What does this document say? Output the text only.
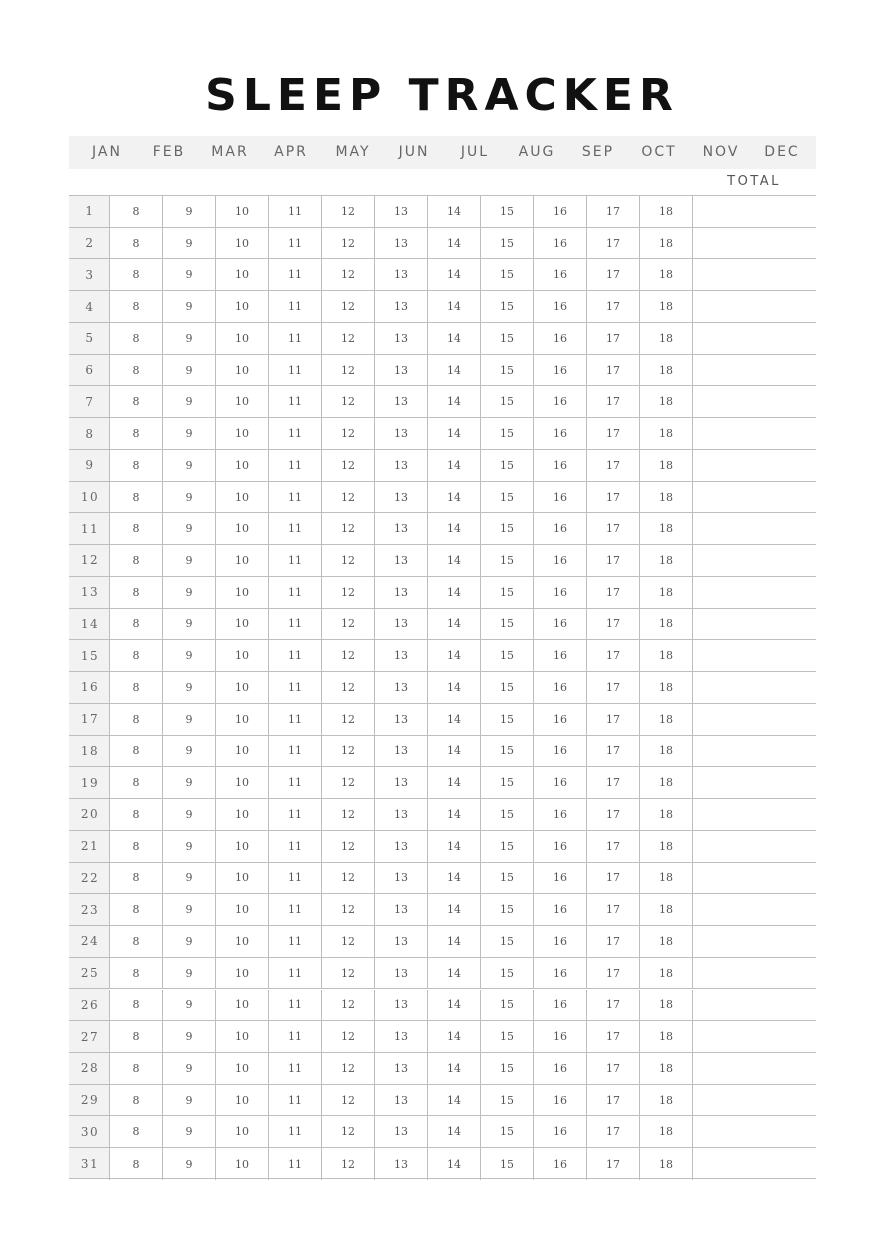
SLEEP TRACKER
JAN	FEB	MAR	APR	MAY	JUN	JUL	AUG	SEP	OCT	NOV	DEC
TOTAL
1	8	9	10	11	12	13	14	15	16	17	18
2	8	9	10	11	12	13	14	15	16	17	18
3	8	9	10	11	12	13	14	15	16	17	18
4	8	9	10	11	12	13	14	15	16	17	18
5	8	9	10	11	12	13	14	15	16	17	18
6	8	9	10	11	12	13	14	15	16	17	18
7	8	9	10	11	12	13	14	15	16	17	18
8	8	9	10	11	12	13	14	15	16	17	18
9	8	9	10	11	12	13	14	15	16	17	18
10	8	9	10	11	12	13	14	15	16	17	18
11	8	9	10	11	12	13	14	15	16	17	18
12	8	9	10	11	12	13	14	15	16	17	18
13	8	9	10	11	12	13	14	15	16	17	18
14	8	9	10	11	12	13	14	15	16	17	18
15	8	9	10	11	12	13	14	15	16	17	18
16	8	9	10	11	12	13	14	15	16	17	18
17	8	9	10	11	12	13	14	15	16	17	18
18	8	9	10	11	12	13	14	15	16	17	18
19	8	9	10	11	12	13	14	15	16	17	18
20	8	9	10	11	12	13	14	15	16	17	18
21	8	9	10	11	12	13	14	15	16	17	18
22	8	9	10	11	12	13	14	15	16	17	18
23	8	9	10	11	12	13	14	15	16	17	18
24	8	9	10	11	12	13	14	15	16	17	18
25	8	9	10	11	12	13	14	15	16	17	18
26	8	9	10	11	12	13	14	15	16	17	18
27	8	9	10	11	12	13	14	15	16	17	18
28	8	9	10	11	12	13	14	15	16	17	18
29	8	9	10	11	12	13	14	15	16	17	18
30	8	9	10	11	12	13	14	15	16	17	18
31	8	9	10	11	12	13	14	15	16	17	18
